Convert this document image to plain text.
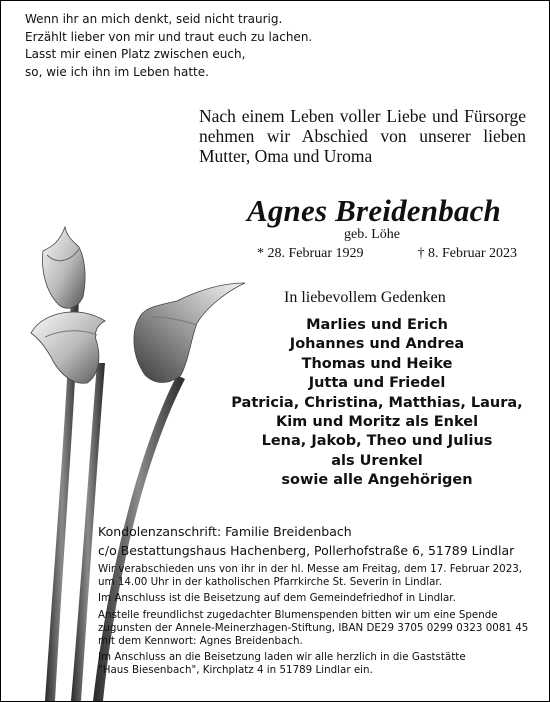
Wenn ihr an mich denkt, seid nicht traurig.
Erzählt lieber von mir und traut euch zu lachen.
Lasst mir einen Platz zwischen euch,
so, wie ich ihn im Leben hatte.
Nach einem Leben voller Liebe und Fürsorge
nehmen wir Abschied von unserer lieben
Mutter, Oma und Uroma
Agnes Breidenbach
geb. Löhe
* 28. Februar 1929	† 8. Februar 2023
In liebevollem Gedenken
Marlies und Erich
Johannes und Andrea
Thomas und Heike
Jutta und Friedel
Patricia, Christina, Matthias, Laura,
Kim und Moritz als Enkel
Lena, Jakob, Theo und Julius
als Urenkel
sowie alle Angehörigen
Kondolenzanschrift: Familie Breidenbach
c/o Bestattungshaus Hachenberg, Pollerhofstraße 6, 51789 Lindlar
Wir verabschieden uns von ihr in der hl. Messe am Freitag, dem 17. Februar 2023,
um 14.00 Uhr in der katholischen Pfarrkirche St. Severin in Lindlar.
Im Anschluss ist die Beisetzung auf dem Gemeindefriedhof in Lindlar.
Anstelle freundlichst zugedachter Blumenspenden bitten wir um eine Spende
zugunsten der Annele-Meinerzhagen-Stiftung, IBAN DE29 3705 0299 0323 0081 45
mit dem Kennwort: Agnes Breidenbach.
Im Anschluss an die Beisetzung laden wir alle herzlich in die Gaststätte
"Haus Biesenbach", Kirchplatz 4 in 51789 Lindlar ein.
